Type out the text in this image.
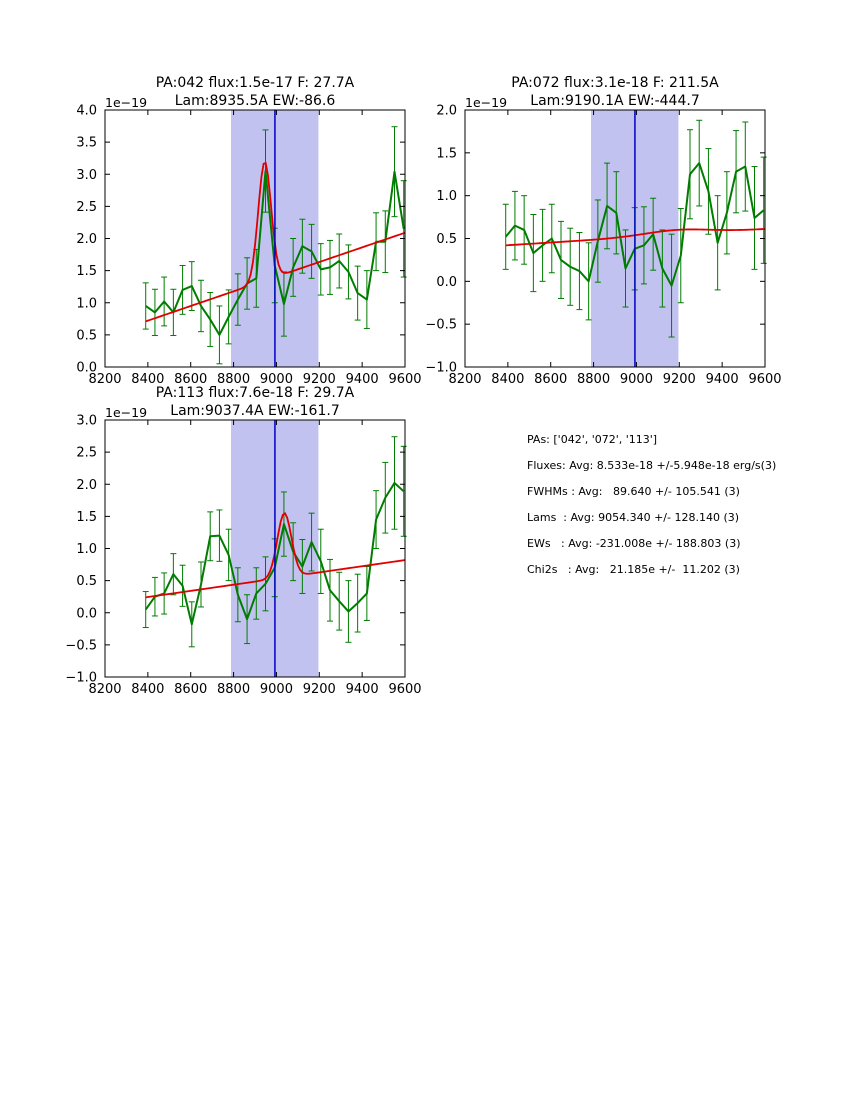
PA:042 flux:1.5e-17 F: 27.7A
Lam:8935.5A EW:-86.6
1e−19
8200 8400 8600 8800 9000 9200 9400 9600
0.0
0.5
1.0
1.5
2.0
2.5
3.0
3.5
4.0
PA:072 flux:3.1e-18 F: 211.5A
Lam:9190.1A EW:-444.7
1e−19
8200 8400 8600 8800 9000 9200 9400 9600
−1.0
−0.5
0.0
0.5
1.0
1.5
2.0
PA:113 flux:7.6e-18 F: 29.7A
Lam:9037.4A EW:-161.7
1e−19
8200 8400 8600 8800 9000 9200 9400 9600
−1.0
−0.5
0.0
0.5
1.0
1.5
2.0
2.5
3.0
PAs: ['042', '072', '113']
Fluxes: Avg: 8.533e-18 +/-5.948e-18 erg/s(3)
FWHMs : Avg:   89.640 +/- 105.541 (3)
Lams  : Avg: 9054.340 +/- 128.140 (3)
EWs   : Avg: -231.008e +/- 188.803 (3)
Chi2s   : Avg:   21.185e +/-  11.202 (3)
